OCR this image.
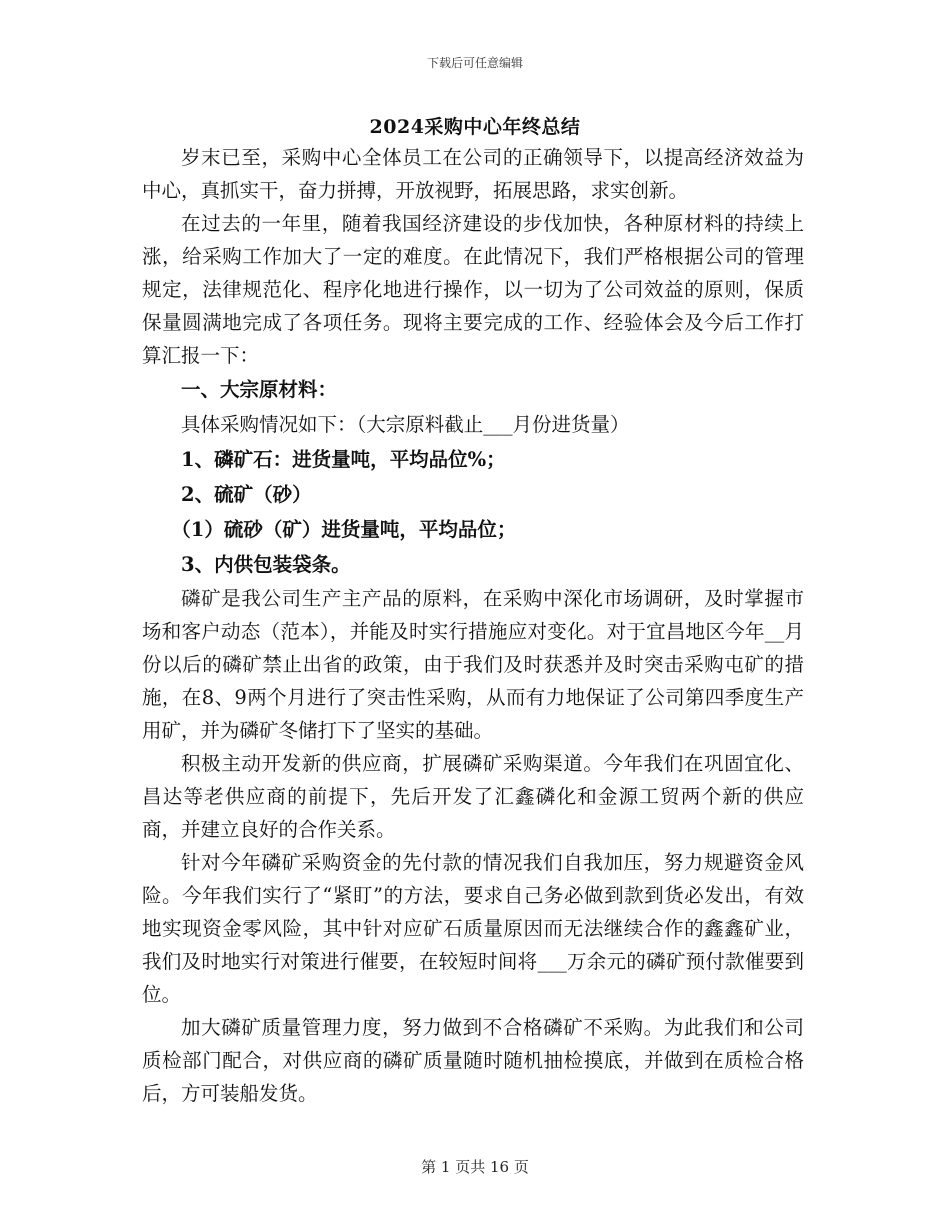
下载后可任意编辑
2024采购中心年终总结

岁末已至，采购中心全体员工在公司的正确领导下，以提高经济效益为中心，真抓实干，奋力拼搏，开放视野，拓展思路，求实创新。

在过去的一年里，随着我国经济建设的步伐加快，各种原材料的持续上涨，给采购工作加大了一定的难度。在此情况下，我们严格根据公司的管理规定，法律规范化、程序化地进行操作，以一切为了公司效益的原则，保质保量圆满地完成了各项任务。现将主要完成的工作、经验体会及今后工作打算汇报一下：

一、大宗原材料：

具体采购情况如下：（大宗原料截止___月份进货量）

1、磷矿石：进货量吨，平均品位%；

2、硫矿（砂）

（1）硫砂（矿）进货量吨，平均品位；

3、内供包装袋条。

磷矿是我公司生产主产品的原料，在采购中深化市场调研，及时掌握市场和客户动态（范本），并能及时实行措施应对变化。对于宜昌地区今年__月份以后的磷矿禁止出省的政策，由于我们及时获悉并及时突击采购屯矿的措施，在8、9两个月进行了突击性采购，从而有力地保证了公司第四季度生产用矿，并为磷矿冬储打下了坚实的基础。

积极主动开发新的供应商，扩展磷矿采购渠道。今年我们在巩固宜化、昌达等老供应商的前提下，先后开发了汇鑫磷化和金源工贸两个新的供应商，并建立良好的合作关系。

针对今年磷矿采购资金的先付款的情况我们自我加压，努力规避资金风险。今年我们实行了“紧盯”的方法，要求自己务必做到款到货必发出，有效地实现资金零风险，其中针对应矿石质量原因而无法继续合作的鑫鑫矿业，我们及时地实行对策进行催要，在较短时间将___万余元的磷矿预付款催要到位。

加大磷矿质量管理力度，努力做到不合格磷矿不采购。为此我们和公司质检部门配合，对供应商的磷矿质量随时随机抽检摸底，并做到在质检合格后，方可装船发货。

第 1 页共 16 页
